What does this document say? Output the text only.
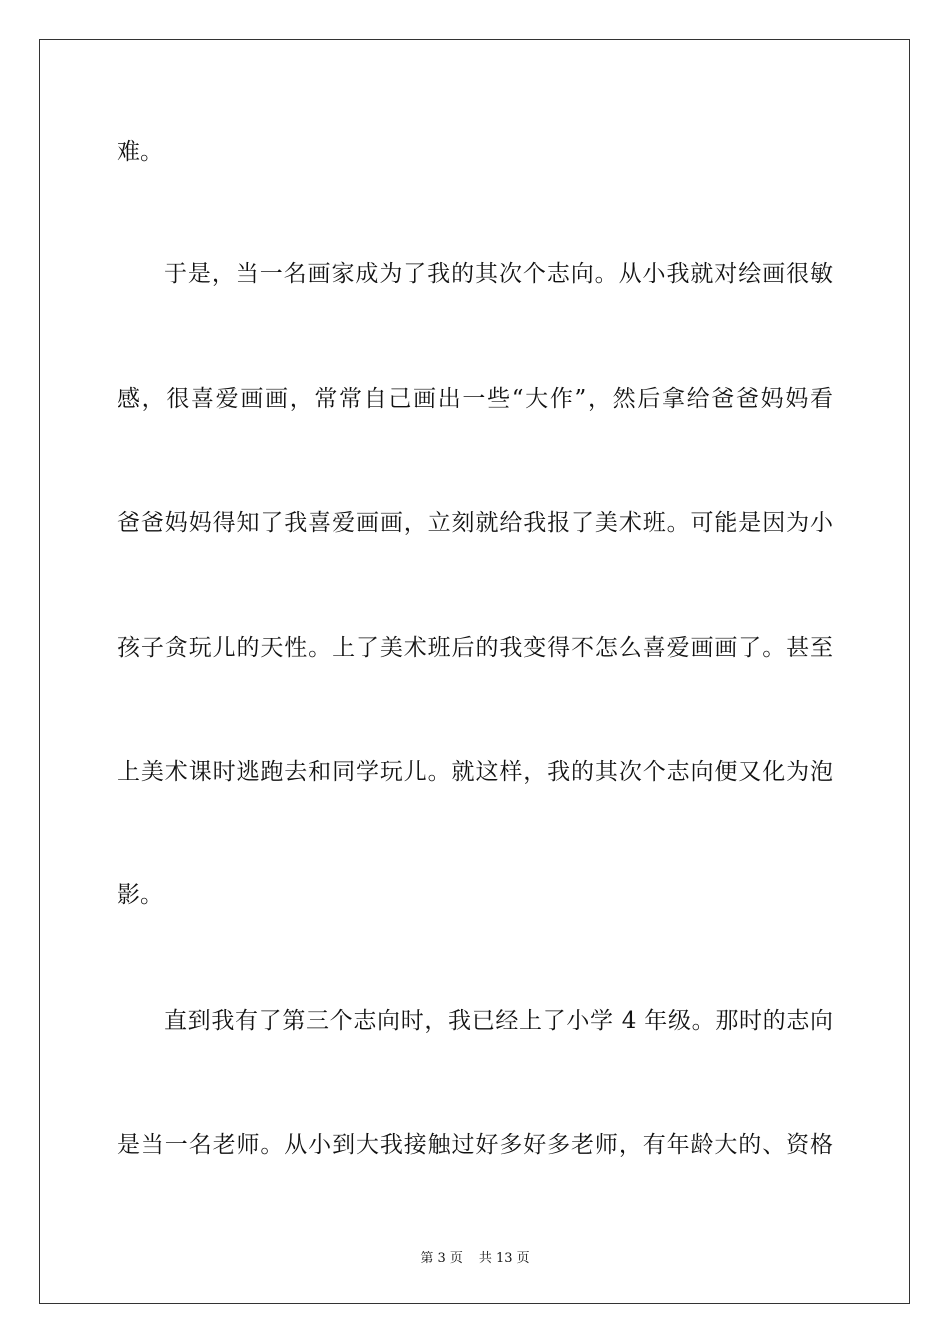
难。
于是，当一名画家成为了我的其次个志向。从小我就对绘画很敏
感，很喜爱画画，常常自己画出一些“大作”，然后拿给爸爸妈妈看
爸爸妈妈得知了我喜爱画画，立刻就给我报了美术班。可能是因为小
孩子贪玩儿的天性。上了美术班后的我变得不怎么喜爱画画了。甚至
上美术课时逃跑去和同学玩儿。就这样，我的其次个志向便又化为泡
影。
直到我有了第三个志向时，我已经上了小学 4 年级。那时的志向
是当一名老师。从小到大我接触过好多好多老师，有年龄大的、资格
第 3 页 共 13 页
